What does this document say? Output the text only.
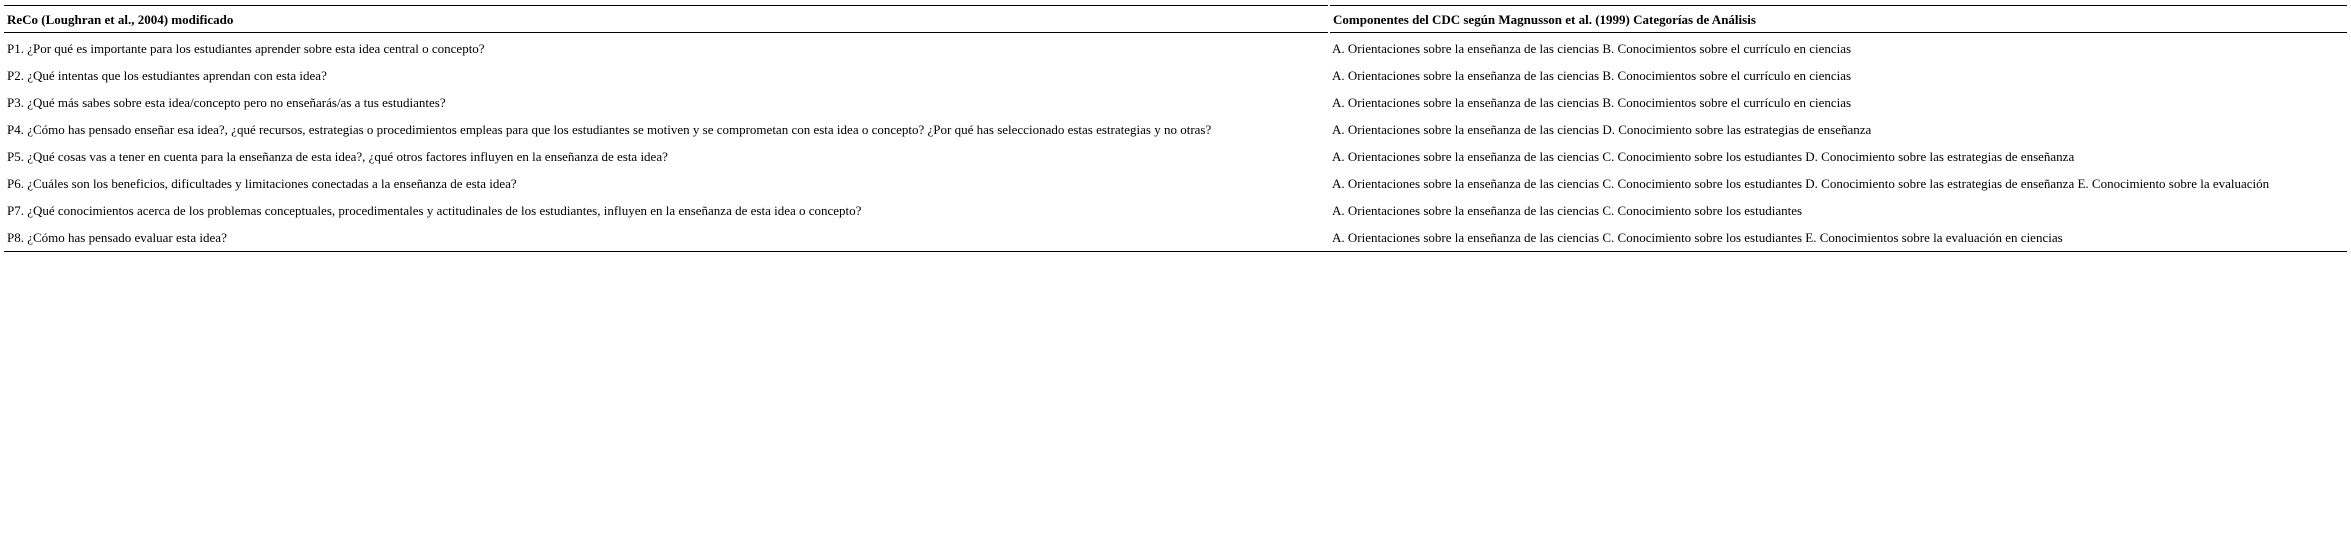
ReCo (Loughran et al., 2004) modificado	Componentes del CDC según Magnusson et al. (1999) Categorías de Análisis
P1. ¿Por qué es importante para los estudiantes aprender sobre esta idea central o concepto?	A. Orientaciones sobre la enseñanza de las ciencias B. Conocimientos sobre el currículo en ciencias
P2. ¿Qué intentas que los estudiantes aprendan con esta idea?	A. Orientaciones sobre la enseñanza de las ciencias B. Conocimientos sobre el currículo en ciencias
P3. ¿Qué más sabes sobre esta idea/concepto pero no enseñarás/as a tus estudiantes?	A. Orientaciones sobre la enseñanza de las ciencias B. Conocimientos sobre el currículo en ciencias
P4. ¿Cómo has pensado enseñar esa idea?, ¿qué recursos, estrategias o procedimientos empleas para que los estudiantes se motiven y se comprometan con esta idea o concepto? ¿Por qué has seleccionado estas estrategias y no otras?	A. Orientaciones sobre la enseñanza de las ciencias D. Conocimiento sobre las estrategias de enseñanza
P5. ¿Qué cosas vas a tener en cuenta para la enseñanza de esta idea?, ¿qué otros factores influyen en la enseñanza de esta idea?	A. Orientaciones sobre la enseñanza de las ciencias C. Conocimiento sobre los estudiantes D. Conocimiento sobre las estrategias de enseñanza
P6. ¿Cuáles son los beneficios, dificultades y limitaciones conectadas a la enseñanza de esta idea?	A. Orientaciones sobre la enseñanza de las ciencias C. Conocimiento sobre los estudiantes D. Conocimiento sobre las estrategias de enseñanza E. Conocimiento sobre la evaluación
P7. ¿Qué conocimientos acerca de los problemas conceptuales, procedimentales y actitudinales de los estudiantes, influyen en la enseñanza de esta idea o concepto?	A. Orientaciones sobre la enseñanza de las ciencias C. Conocimiento sobre los estudiantes
P8. ¿Cómo has pensado evaluar esta idea?	A. Orientaciones sobre la enseñanza de las ciencias C. Conocimiento sobre los estudiantes E. Conocimientos sobre la evaluación en ciencias
